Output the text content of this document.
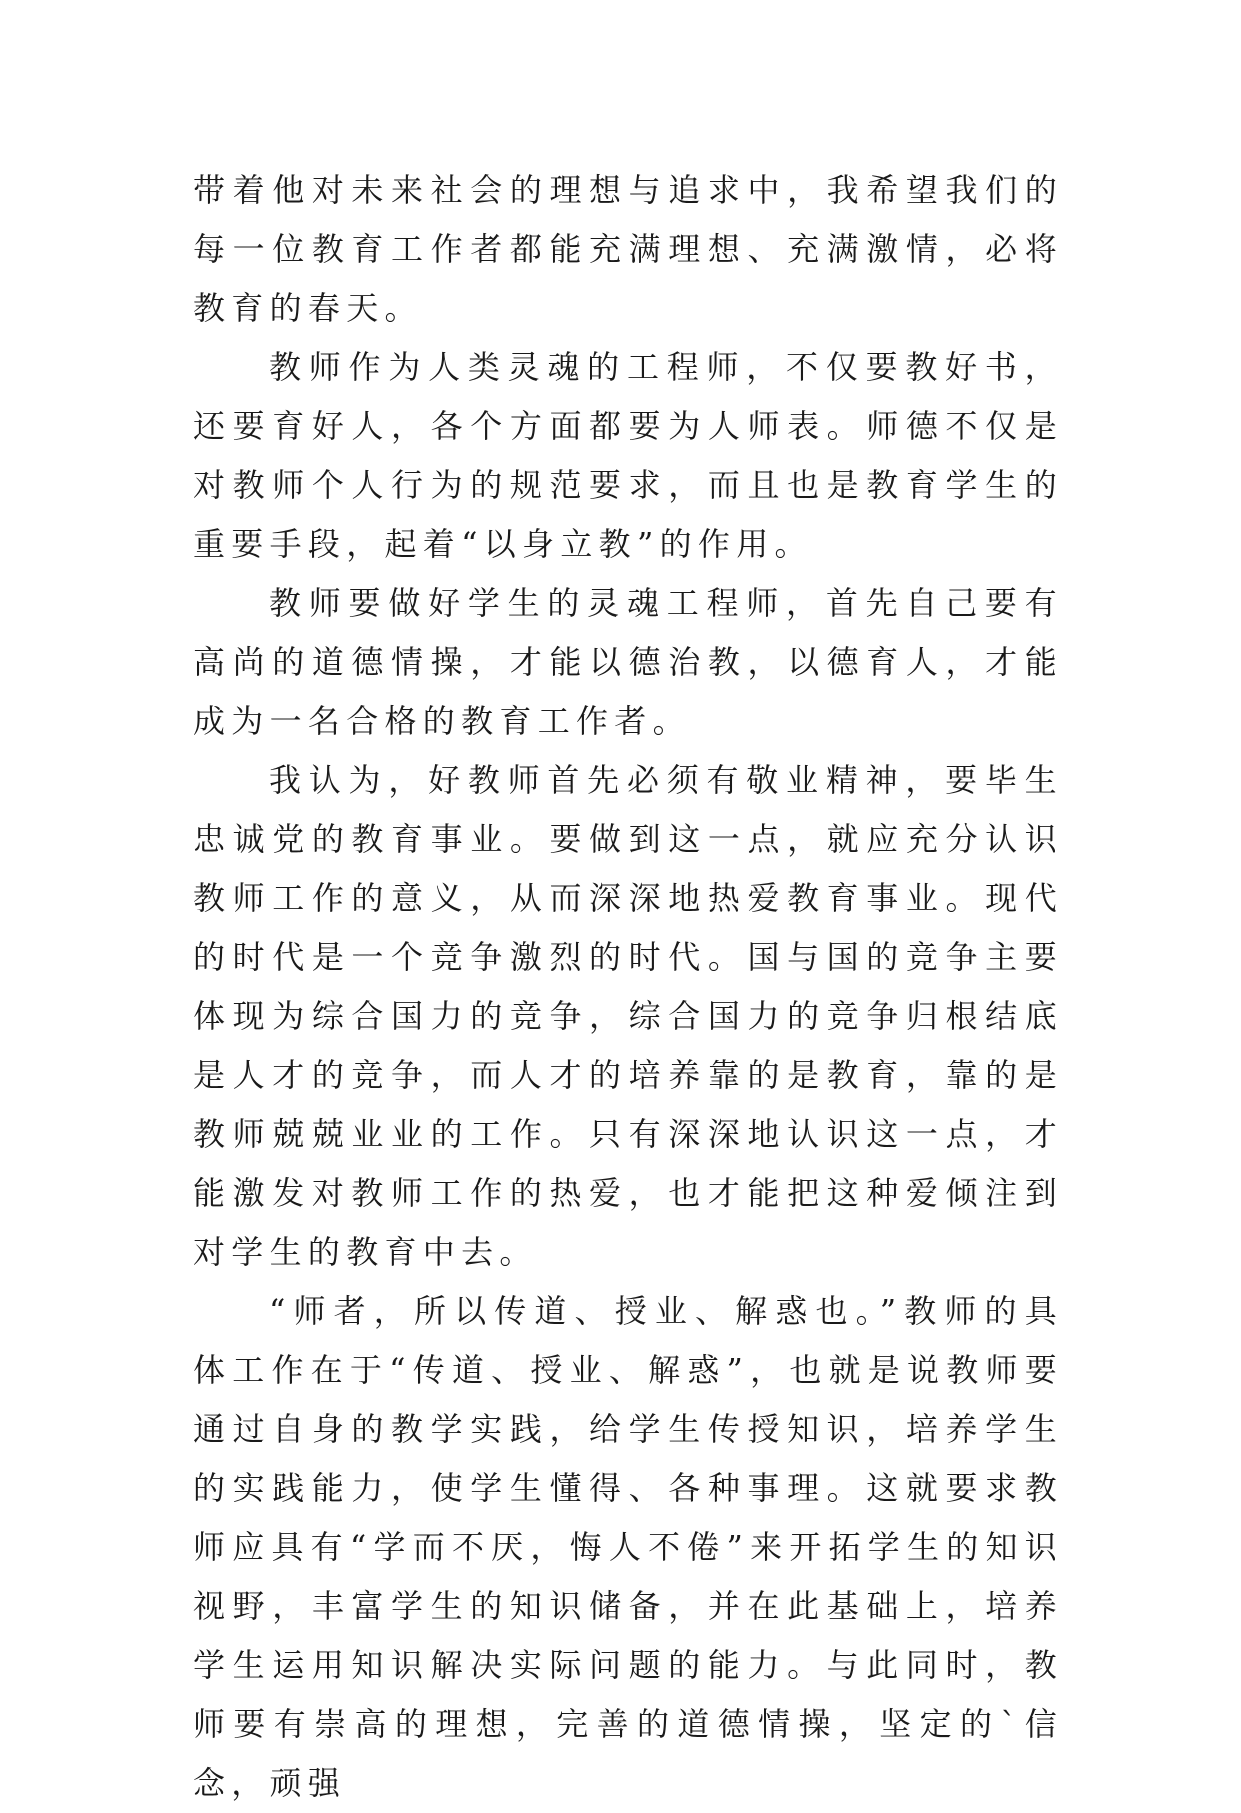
带着他对未来社会的理想与追求中，我希望我们的每一位教育工作者都能充满理想、充满激情，必将教育的春天。

教师作为人类灵魂的工程师，不仅要教好书，还要育好人，各个方面都要为人师表。师德不仅是对教师个人行为的规范要求，而且也是教育学生的重要手段，起着“以身立教”的作用。

教师要做好学生的灵魂工程师，首先自己要有高尚的道德情操，才能以德治教，以德育人，才能成为一名合格的教育工作者。

我认为，好教师首先必须有敬业精神，要毕生忠诚党的教育事业。要做到这一点，就应充分认识教师工作的意义，从而深深地热爱教育事业。现代的时代是一个竞争激烈的时代。国与国的竞争主要体现为综合国力的竞争，综合国力的竞争归根结底是人才的竞争，而人才的培养靠的是教育，靠的是教师兢兢业业的工作。只有深深地认识这一点，才能激发对教师工作的热爱，也才能把这种爱倾注到对学生的教育中去。

“师者，所以传道、授业、解惑也。”教师的具体工作在于“传道、授业、解惑”，也就是说教师要通过自身的教学实践，给学生传授知识，培养学生的实践能力，使学生懂得、各种事理。这就要求教师应具有“学而不厌，悔人不倦”来开拓学生的知识视野，丰富学生的知识储备，并在此基础上，培养学生运用知识解决实际问题的能力。与此同时，教师要有崇高的理想，完善的道德情操，坚定的`信念，顽强
